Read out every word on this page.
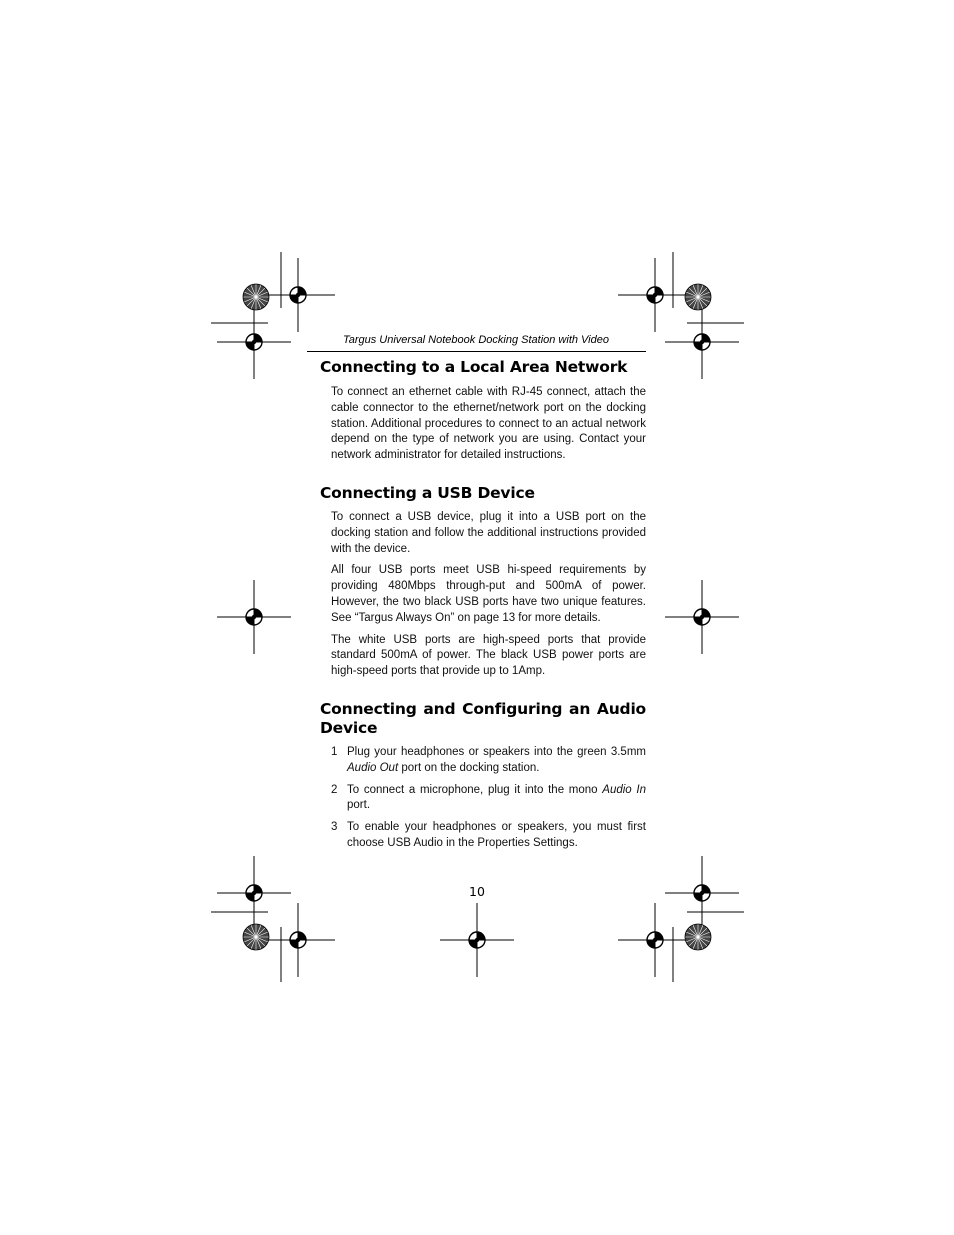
Targus Universal Notebook Docking Station with Video
Connecting to a Local Area Network

To connect an ethernet cable with RJ-45 connect, attach the cable connector to the ethernet/network port on the docking station. Additional procedures to connect to an actual network depend on the type of network you are using. Contact your network administrator for detailed instructions.

Connecting a USB Device

To connect a USB device, plug it into a USB port on the docking station and follow the additional instructions provided with the device.

All four USB ports meet USB hi-speed requirements by providing 480Mbps through-put and 500mA of power. However, the two black USB ports have two unique features. See “Targus Always On” on page 13 for more details.

The white USB ports are high-speed ports that provide standard 500mA of power. The black USB power ports are high-speed ports that provide up to 1Amp.

Connecting and Configuring an Audio Device
1 Plug your headphones or speakers into the green 3.5mm Audio Out port on the docking station.
2 To connect a microphone, plug it into the mono Audio In port.
3 To enable your headphones or speakers, you must first choose USB Audio in the Properties Settings.
10
